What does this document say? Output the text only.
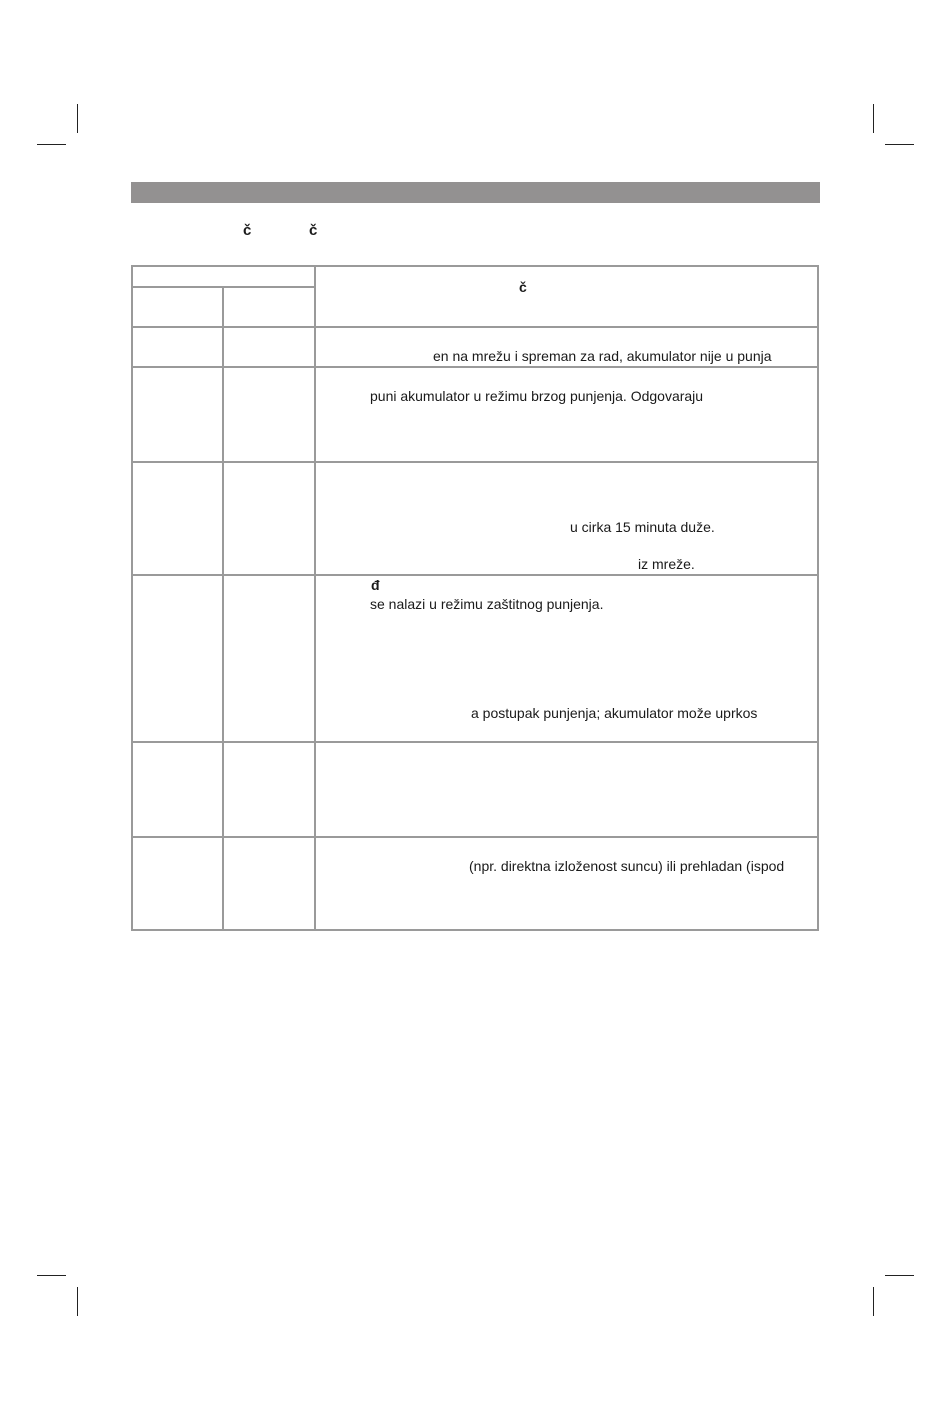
č	č
č
en na mrežu i spreman za rad, akumulator nije u punja
puni akumulator u režimu brzog punjenja. Odgovaraju
u cirka 15 minuta duže.
iz mreže.
đ
se nalazi u režimu zaštitnog punjenja.
a postupak punjenja; akumulator može uprkos
(npr. direktna izloženost suncu) ili prehladan (ispod
